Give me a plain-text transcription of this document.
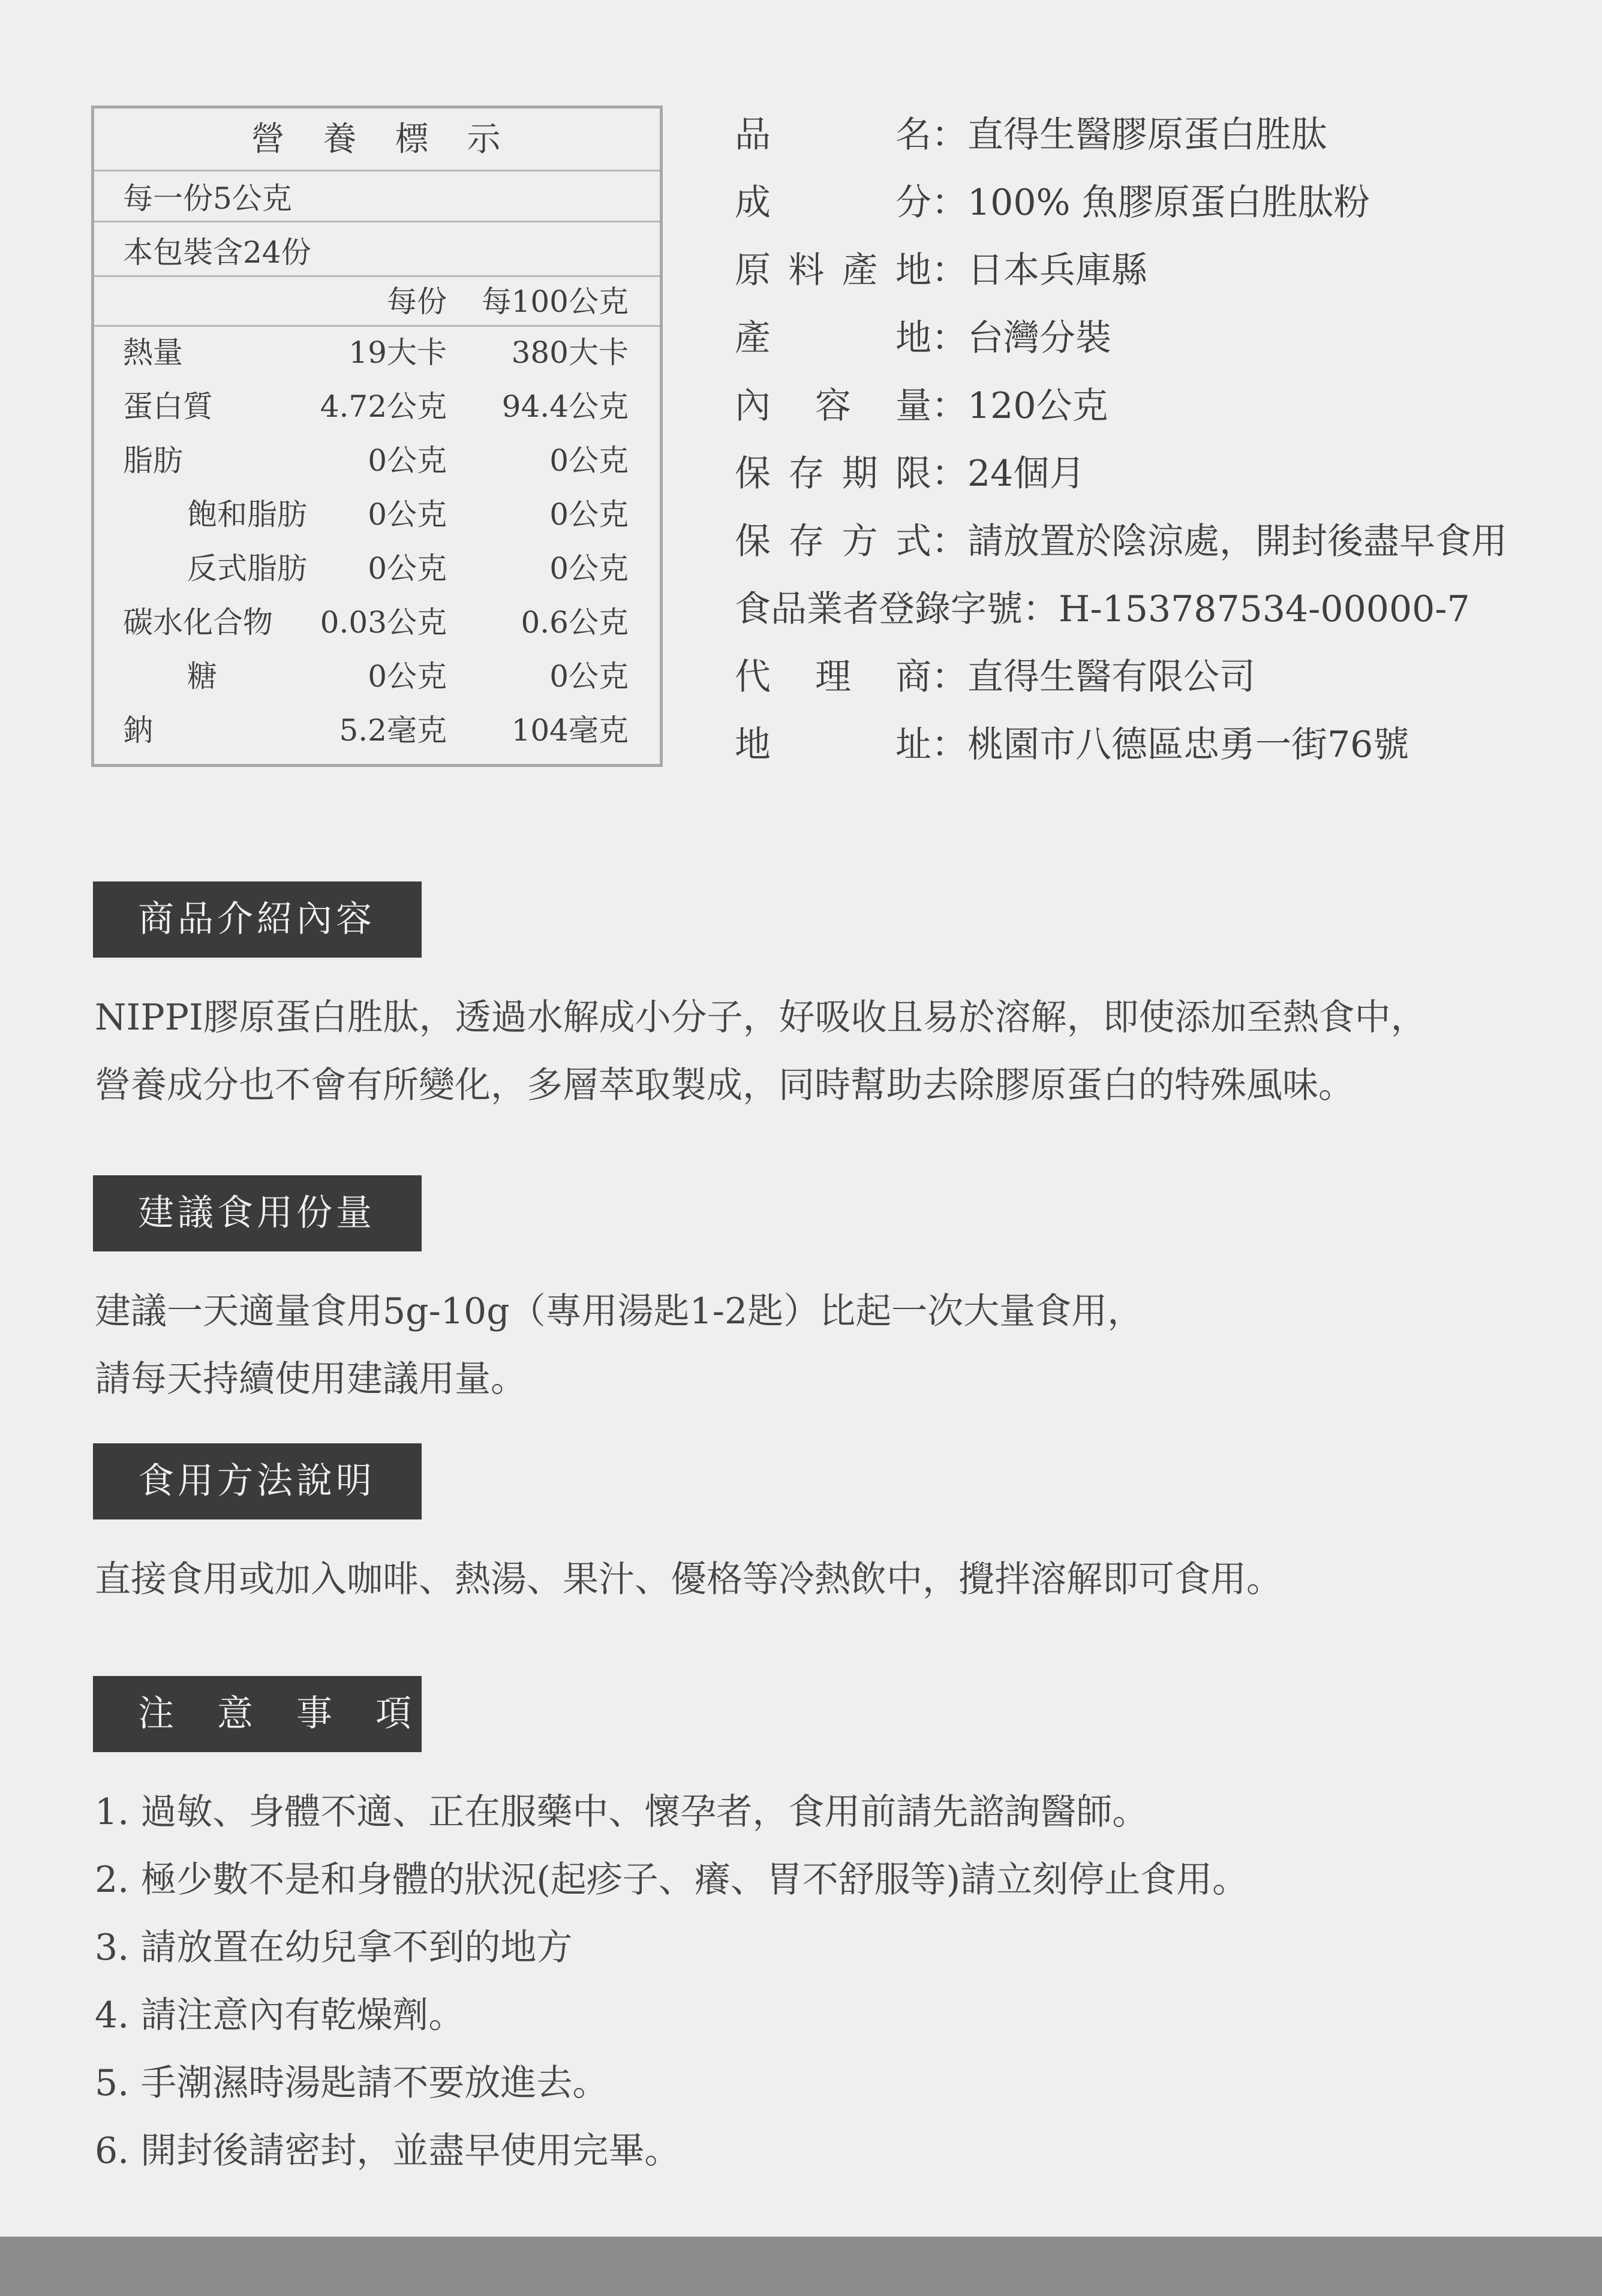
營　養　標　示
每一份5公克
本包裝含24份
每份 每100公克
熱量	19大卡 380大卡
蛋白質	4.72公克 94.4公克
脂肪	0公克	0公克
飽和脂肪 0公克	0公克
反式脂肪 0公克	0公克
碳水化合物 0.03公克 0.6公克
糖	0公克	0公克
鈉	5.2毫克 104毫克
品名：直得生醫膠原蛋白胜肽
成分：100% 魚膠原蛋白胜肽粉
原料產地：日本兵庫縣
產地：台灣分裝
內容量：120公克
保存期限：24個月
保存方式：請放置於陰涼處，開封後盡早食用
食品業者登錄字號：H-153787534-00000-7
代理商：直得生醫有限公司
地址：桃園市八德區忠勇一街76號
商品介紹內容
NIPPI膠原蛋白胜肽，透過水解成小分子，好吸收且易於溶解，即使添加至熱食中，
營養成分也不會有所變化，多層萃取製成，同時幫助去除膠原蛋白的特殊風味。
建議食用份量
建議一天適量食用5g-10g（專用湯匙1-2匙）比起一次大量食用，
請每天持續使用建議用量。
食用方法說明
直接食用或加入咖啡、熱湯、果汁、優格等冷熱飲中，攪拌溶解即可食用。
注　意　事　項
1. 過敏、身體不適、正在服藥中、懷孕者，食用前請先諮詢醫師。
2. 極少數不是和身體的狀況(起疹子、癢、胃不舒服等)請立刻停止食用。
3. 請放置在幼兒拿不到的地方
4. 請注意內有乾燥劑。
5. 手潮濕時湯匙請不要放進去。
6. 開封後請密封，並盡早使用完畢。
